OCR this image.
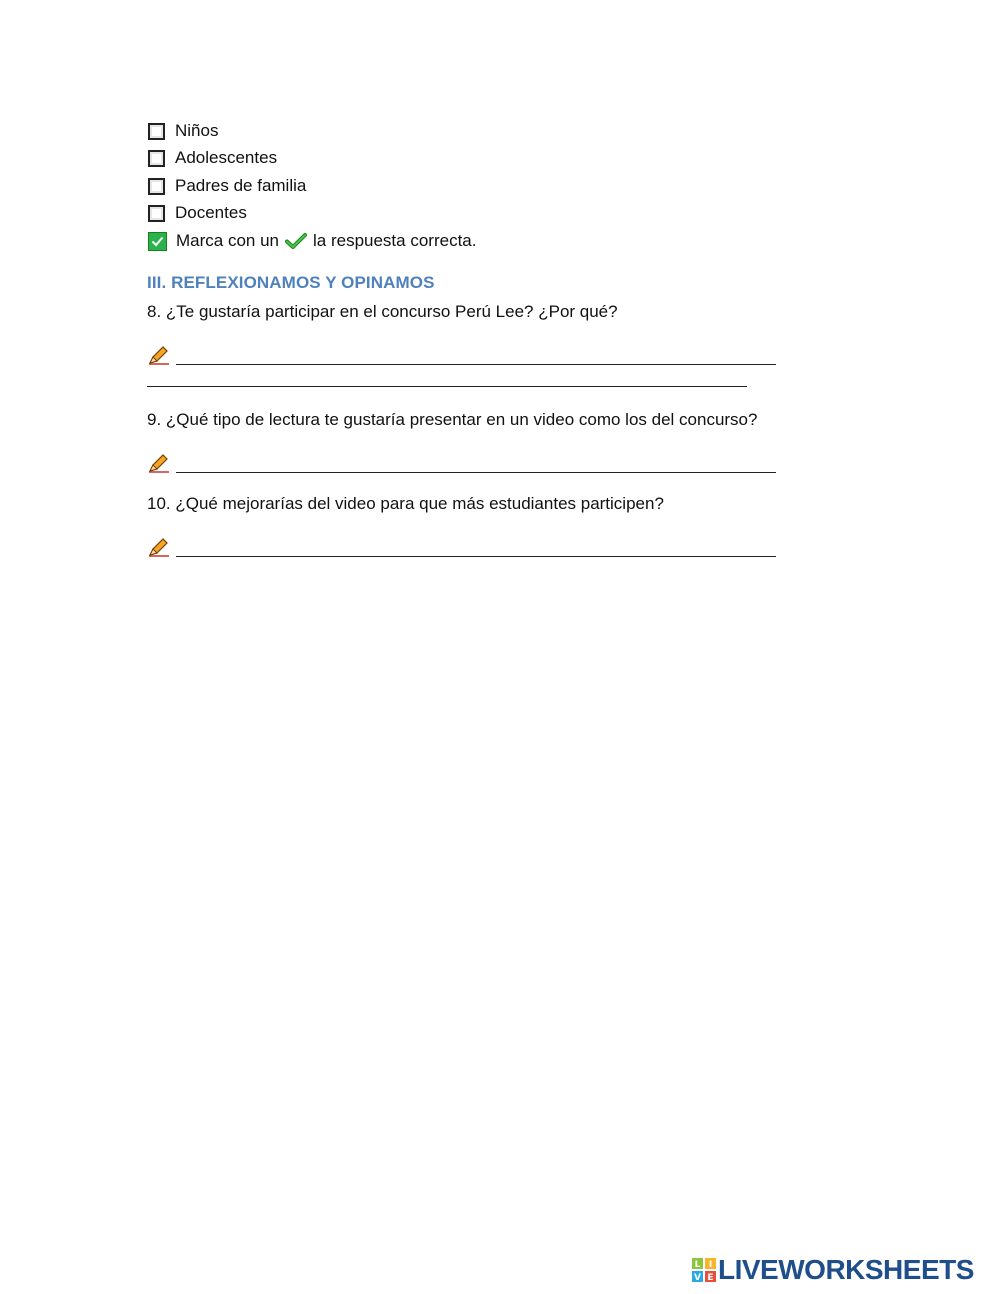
Niños
Adolescentes
Padres de familia
Docentes
Marca con un la respuesta correcta.
III. REFLEXIONAMOS Y OPINAMOS
8. ¿Te gustaría participar en el concurso Perú Lee? ¿Por qué?
9. ¿Qué tipo de lectura te gustaría presentar en un video como los del concurso?
10. ¿Qué mejorarías del video para que más estudiantes participen?
L I
V E LIVEWORKSHEETS
